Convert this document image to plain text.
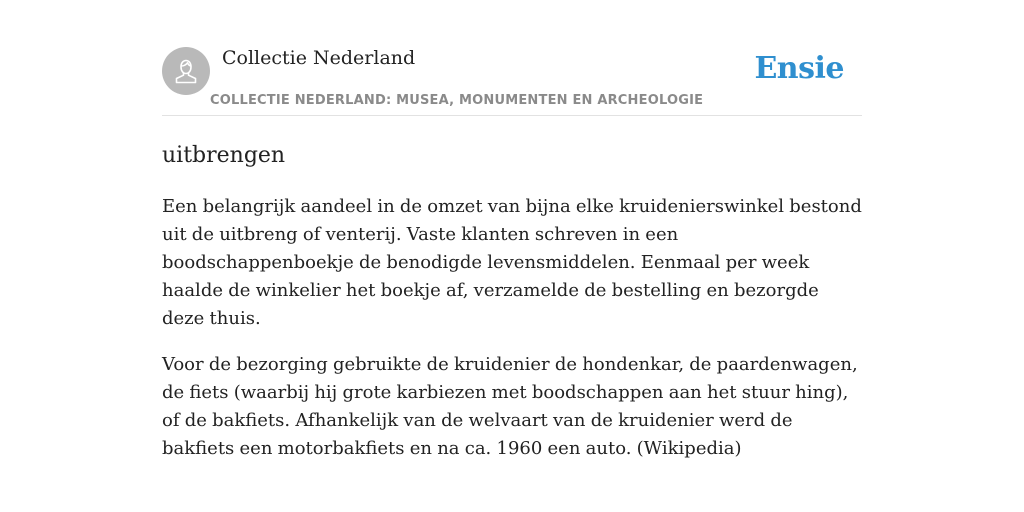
Collectie Nederland
COLLECTIE NEDERLAND: MUSEA, MONUMENTEN EN ARCHEOLOGIE
Ensie
uitbrengen

Een belangrijk aandeel in de omzet van bijna elke kruidenierswinkel bestond uit de uitbreng of venterij. Vaste klanten schreven in een boodschappenboekje de benodigde levensmiddelen. Eenmaal per week haalde de winkelier het boekje af, verzamelde de bestelling en bezorgde deze thuis.

Voor de bezorging gebruikte de kruidenier de hondenkar, de paardenwagen, de fiets (waarbij hij grote karbiezen met boodschappen aan het stuur hing), of de bakfiets. Afhankelijk van de welvaart van de kruidenier werd de bakfiets een motorbakfiets en na ca. 1960 een auto. (Wikipedia)
